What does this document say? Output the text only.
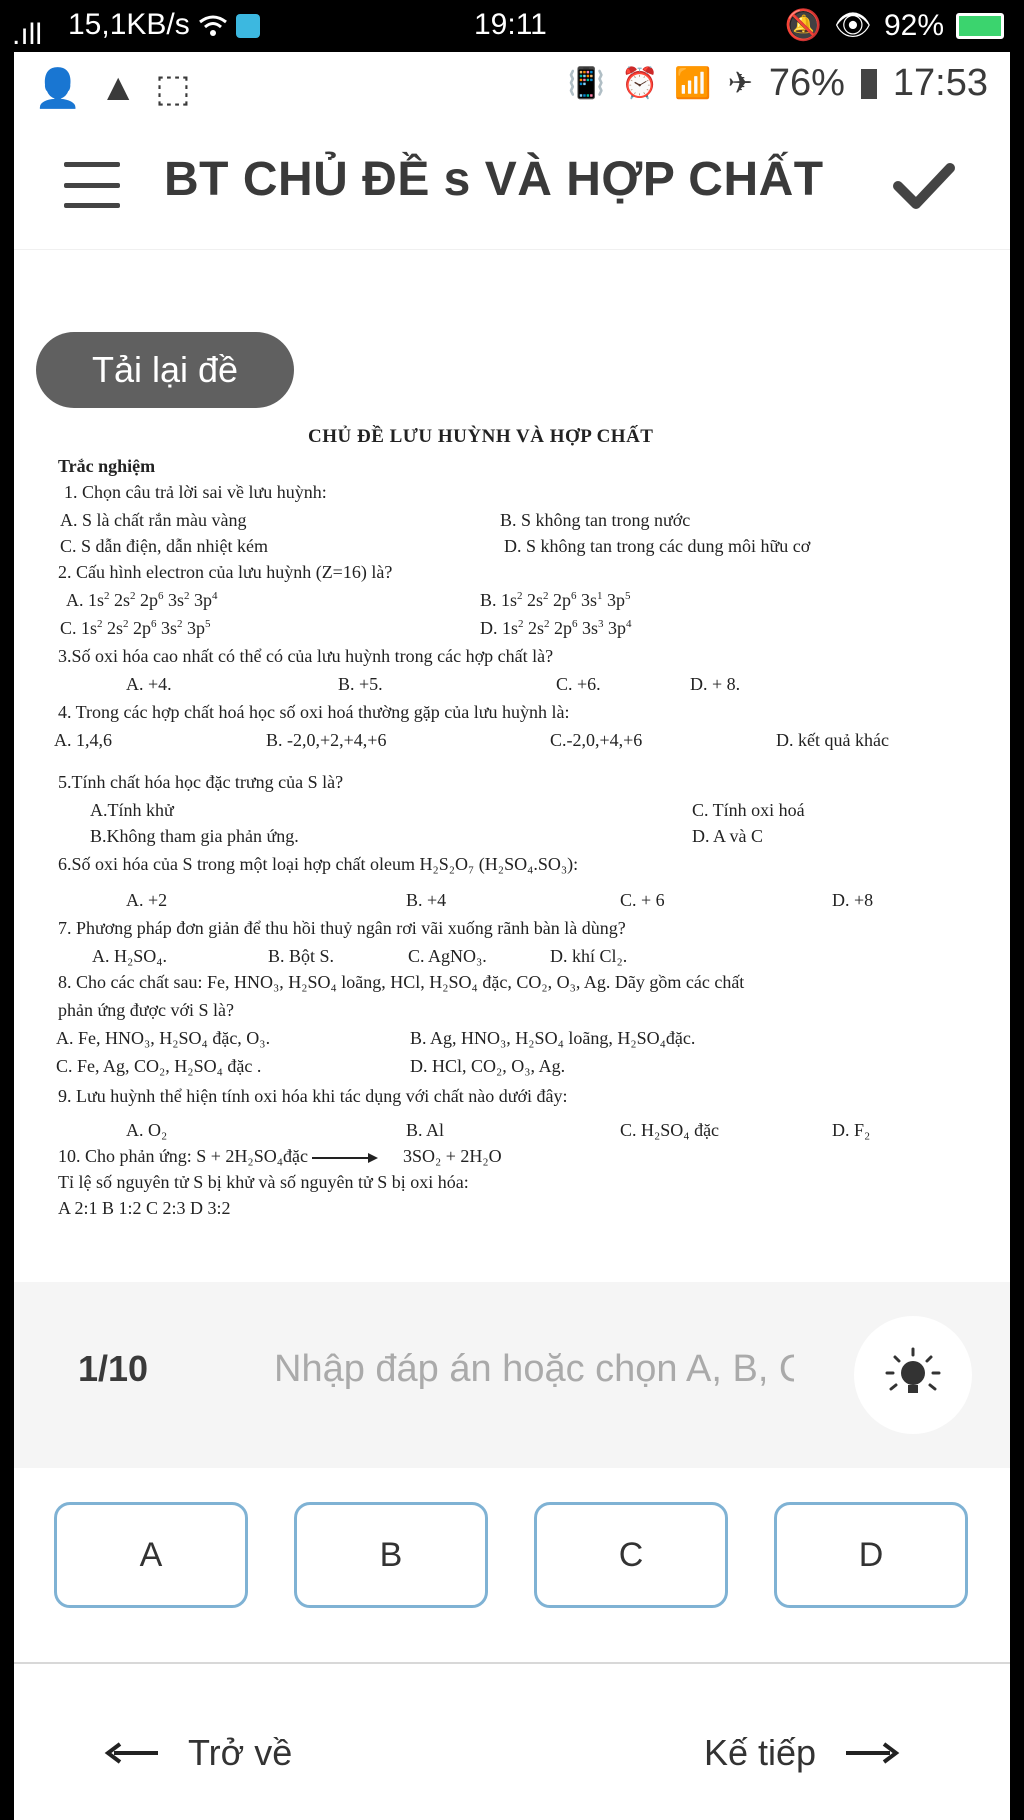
.ıll 15,1KB/s	19:11	🔕 👁 92%
👤 ▲ ⬚	📳 ⏰ 📶 ✈ 76% 17:53
BT CHỦ ĐỀ s VÀ HỢP CHẤT
Tải lại đề
CHỦ ĐỀ LƯU HUỲNH VÀ HỢP CHẤT
Trắc nghiệm
1. Chọn câu trả lời sai về lưu huỳnh:
A. S là chất rắn màu vàng	B. S không tan trong nước
C. S dẫn điện, dẫn nhiệt kém	D. S không tan trong các dung môi hữu cơ
2. Cấu hình electron của lưu huỳnh (Z=16) là?
A. $1s^2$ $2s^2$ $2p^6$ $3s^2$ $3p^4$	B. $1s^2$ $2s^2$ $2p^6$ $3s^1$ $3p^5$
C. $1s^2$ $2s^2$ $2p^6$ $3s^2$ $3p^5$	D. $1s^2$ $2s^2$ $2p^6$ $3s^3$ $3p^4$
3.Số oxi hóa cao nhất có thể có của lưu huỳnh trong các hợp chất là?
A. +4.	B. +5.	C. +6.	D. + 8.
4. Trong các hợp chất hoá học số oxi hoá thường gặp của lưu huỳnh là:
A. 1,4,6	B. -2,0,+2,+4,+6	C.-2,0,+4,+6	D. kết quả khác
5.Tính chất hóa học đặc trưng của S là?
A.Tính khử	C. Tính oxi hoá
B.Không tham gia phản ứng.	D. A và C
6.Số oxi hóa của S trong một loại hợp chất oleum H₂S₂O₇ (H₂SO₄.SO₃):
A. +2	B. +4	C. + 6	D. +8
7. Phương pháp đơn giản để thu hồi thuỷ ngân rơi vãi xuống rãnh bàn là dùng?
A. H₂SO₄.	B. Bột S.	C. AgNO₃.	D. khí Cl₂.
8. Cho các chất sau: Fe, HNO₃, H₂SO₄ loãng, HCl, H₂SO₄ đặc, CO₂, O₃, Ag. Dãy gồm các chất
phản ứng được với S là?
A. Fe, HNO₃, H₂SO₄ đặc, O₃.	B. Ag, HNO₃, H₂SO₄ loãng, H₂SO₄đặc.
C. Fe, Ag, CO₂, H₂SO₄ đặc .	D. HCl, CO₂, O₃, Ag.
9. Lưu huỳnh thể hiện tính oxi hóa khi tác dụng với chất nào dưới đây:
A. O₂	B. Al	C. H₂SO₄ đặc	D. F₂
10. Cho phản ứng: S + 2H₂SO₄đặc → 3SO₂ + 2H₂O
Tỉ lệ số nguyên tử S bị khử và số nguyên tử S bị oxi hóa:
A 2:1 B 1:2 C 2:3 D 3:2
1/10
Nhập đáp án hoặc chọn A, B, C
A	B	C	D
Trở về	Kế tiếp
